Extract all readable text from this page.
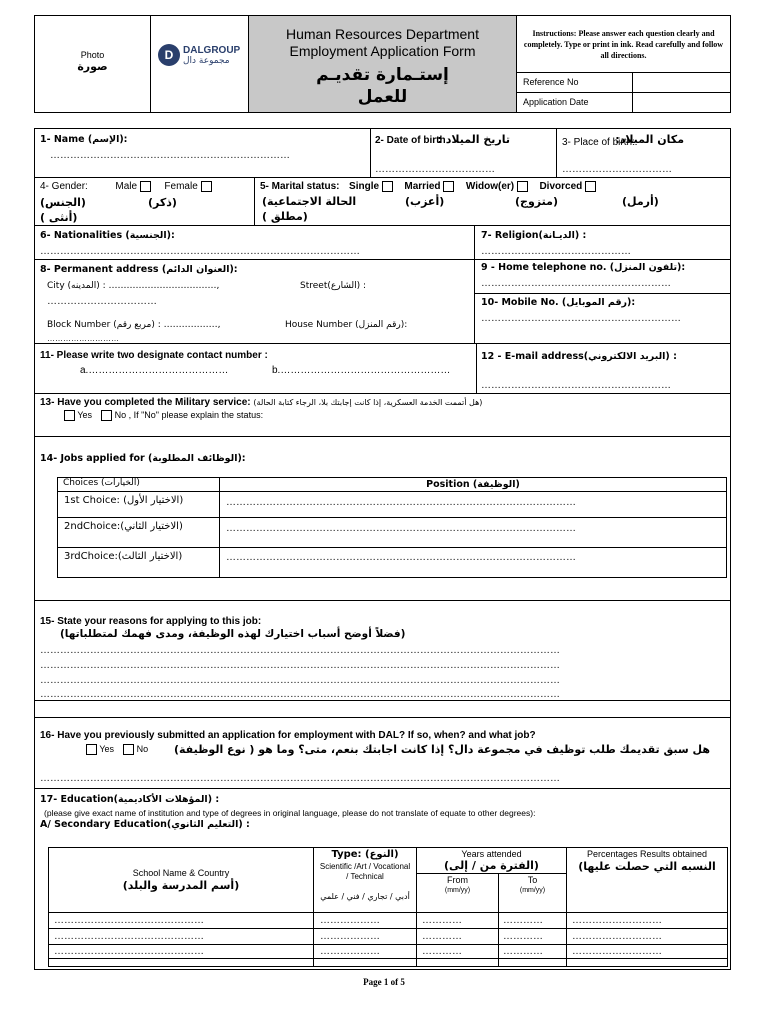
Photo
صورة
D DALGROUP
مجموعة دال
Human Resources Department
Employment Application Form
إستـمارة تقديـم للعمل
Instructions: Please answer each question clearly and completely. Type or print in ink. Read carefully and follow all directions.
Reference No
Application Date
1- Name (الإسم):
………………………………………………………………
2- Date of birth
تاريخ الميلاد :
………………………………
3- Place of birth:
مكان الميلاد:
……………………………
4- Gender:	Male	Female
(الجنس)	(ذكر)
( أنثى)
5- Marital status: Single	Married	Widow(er)	Divorced
(الحالة الاجتماعية	(أعزب)	(متزوج)	(أرمل)
( مطلق)
6- Nationalities (الجنسية):
……………………………………………………………………………………
7- Religion(الديـانة) :
………………………………………
8- Permanent address (العنوان الدائم):
City (المدينه) : ………………………………,	Street(الشارع) :
……………………………
Block Number (مربع رقم) : ………………,	House Number (رقم المنزل):
………………………
9 - Home telephone no. (تلفون المنزل):
…………………………………………………
10- Mobile No. (رقم الموبايل):
……………………………………………………
11- Please write two designate contact number :
a.……………………………………	b.……………………………………………
12 - E-mail address(البريد الالكتروني) :
…………………………………………………
13- Have you completed the Military service: (هل أتممت الخدمة العسكرية، إذا كانت إجابتك بلا، الرجاء كتابة الحالة)
Yes	No , If "No" please explain the status:
14- Jobs applied for (الوظائف المطلوبة):
Choices (الخيارات)	Position (الوظيفة)
1st Choice: (الاختيار الأول)	……………………………………………………………………………………………
2ndChoice:(الاختيار الثاني)	……………………………………………………………………………………………
3rdChoice:(الاختيار الثالث)	……………………………………………………………………………………………
15- State your reasons for applying to this job:
(فضلاً أوضح أسباب اختيارك لهذه الوظيفة، ومدى فهمك لمتطلباتها)
…………………………………………………………………………………………………………………………………………
…………………………………………………………………………………………………………………………………………
…………………………………………………………………………………………………………………………………………
…………………………………………………………………………………………………………………………………………
16- Have you previously submitted an application for employment with DAL? If so, when? and what job?
Yes	No	هل سبق تقديمك طلب توظيف في مجموعة دال؟ إذا كانت اجابتك بنعم، متى؟ وما هو ( نوع الوظيفة)
…………………………………………………………………………………………………………………………………………
17- Education(المؤهلات الأكاديمية) :
(please give exact name of institution and type of degrees in original language, please do not translate of equate to other degrees):
A/ Secondary Education(التعليم الثانوي) :
School Name & Country
(أسم المدرسة والبلد)
Type: (النوع)
Scientific /Art / Vocational / Technical
أدبي / تجاري / فني / علمي
Years attended
(الفترة من / إلى)
From
(mm/yy)
To
(mm/yy)
Percentages Results obtained
النسبه التي حصلت عليها)
………………………………………	………………	…………	…………	………………………
………………………………………	………………	…………	…………	………………………
………………………………………	………………	…………	…………	………………………
Page 1 of 5
